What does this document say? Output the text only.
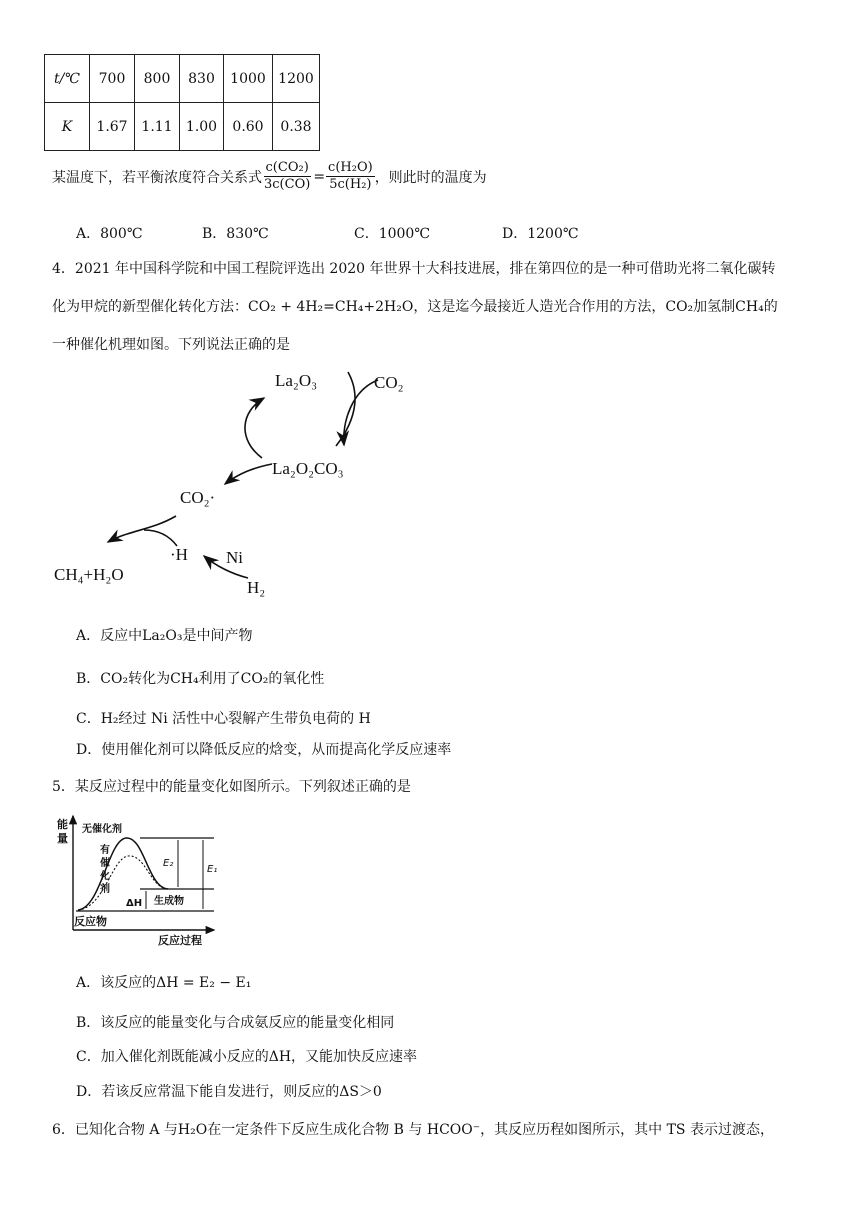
t/℃	700	800	830	1000	1200
K	1.67	1.11	1.00	0.60	0.38
某温度下，若平衡浓度符合关系式 $\frac{\text{c(CO₂)}}{3c(CO)} = \frac{\text{c(H₂O)}}{\text{5c(H₂)}}$ ，则此时的温度为
A．800℃	B．830℃	C．1000℃	D．1200℃
4．2021 年中国科学院和中国工程院评选出 2020 年世界十大科技进展，排在第四位的是一种可借助光将二氧化碳转
化为甲烷的新型催化转化方法：CO₂ + 4H₂=CH₄+2H₂O，这是迄今最接近人造光合作用的方法，CO₂加氢制CH₄的
一种催化机理如图。下列说法正确的是
La₂O₃	CO₂
La₂O₂CO₃
CO₂·
·H Ni
H₂
CH₄+H₂O
A．反应中La₂O₃是中间产物
B．CO₂转化为CH₄利用了CO₂的氧化性
C．H₂经过 Ni 活性中心裂解产生带负电荷的 H
D．使用催化剂可以降低反应的焓变，从而提高化学反应速率
5．某反应过程中的能量变化如图所示。下列叙述正确的是
能
量
无催化剂
有
催
化
剂
E₂
E₁
ΔH 生成物
反应物
反应过程
A．该反应的ΔH = E₂ − E₁
B．该反应的能量变化与合成氨反应的能量变化相同
C．加入催化剂既能减小反应的ΔH，又能加快反应速率
D．若该反应常温下能自发进行，则反应的ΔS＞0
6．已知化合物 A 与H₂O在一定条件下反应生成化合物 B 与 HCOO⁻，其反应历程如图所示，其中 TS 表示过渡态，
